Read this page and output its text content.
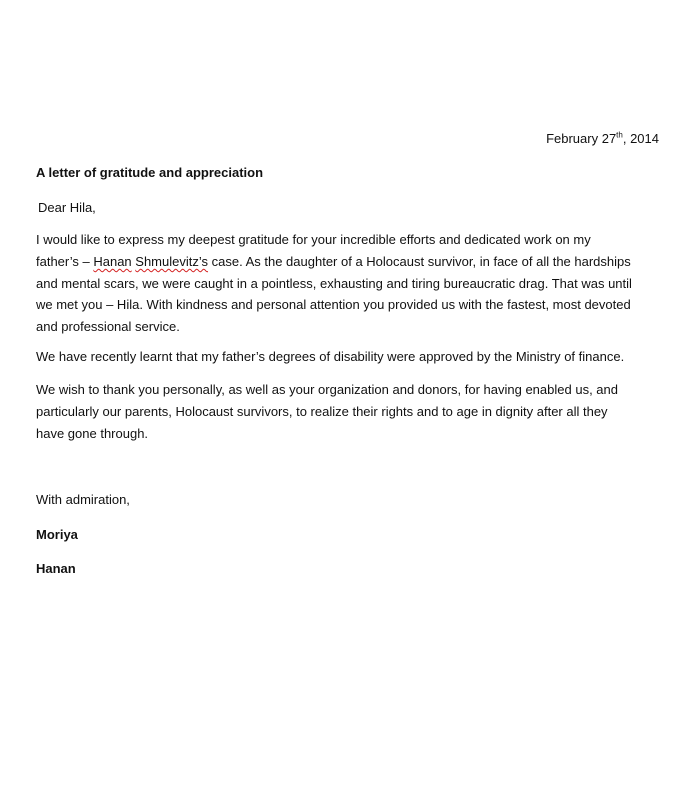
February 27th, 2014
A letter of gratitude and appreciation
Dear Hila,
I would like to express my deepest gratitude for your incredible efforts and dedicated work on my
father’s – Hanan Shmulevitz’s case. As the daughter of a Holocaust survivor, in face of all the hardships
and mental scars, we were caught in a pointless, exhausting and tiring bureaucratic drag. That was until
we met you – Hila. With kindness and personal attention you provided us with the fastest, most devoted
and professional service.
We have recently learnt that my father’s degrees of disability were approved by the Ministry of finance.
We wish to thank you personally, as well as your organization and donors, for having enabled us, and
particularly our parents, Holocaust survivors, to realize their rights and to age in dignity after all they
have gone through.
With admiration,
Moriya
Hanan
